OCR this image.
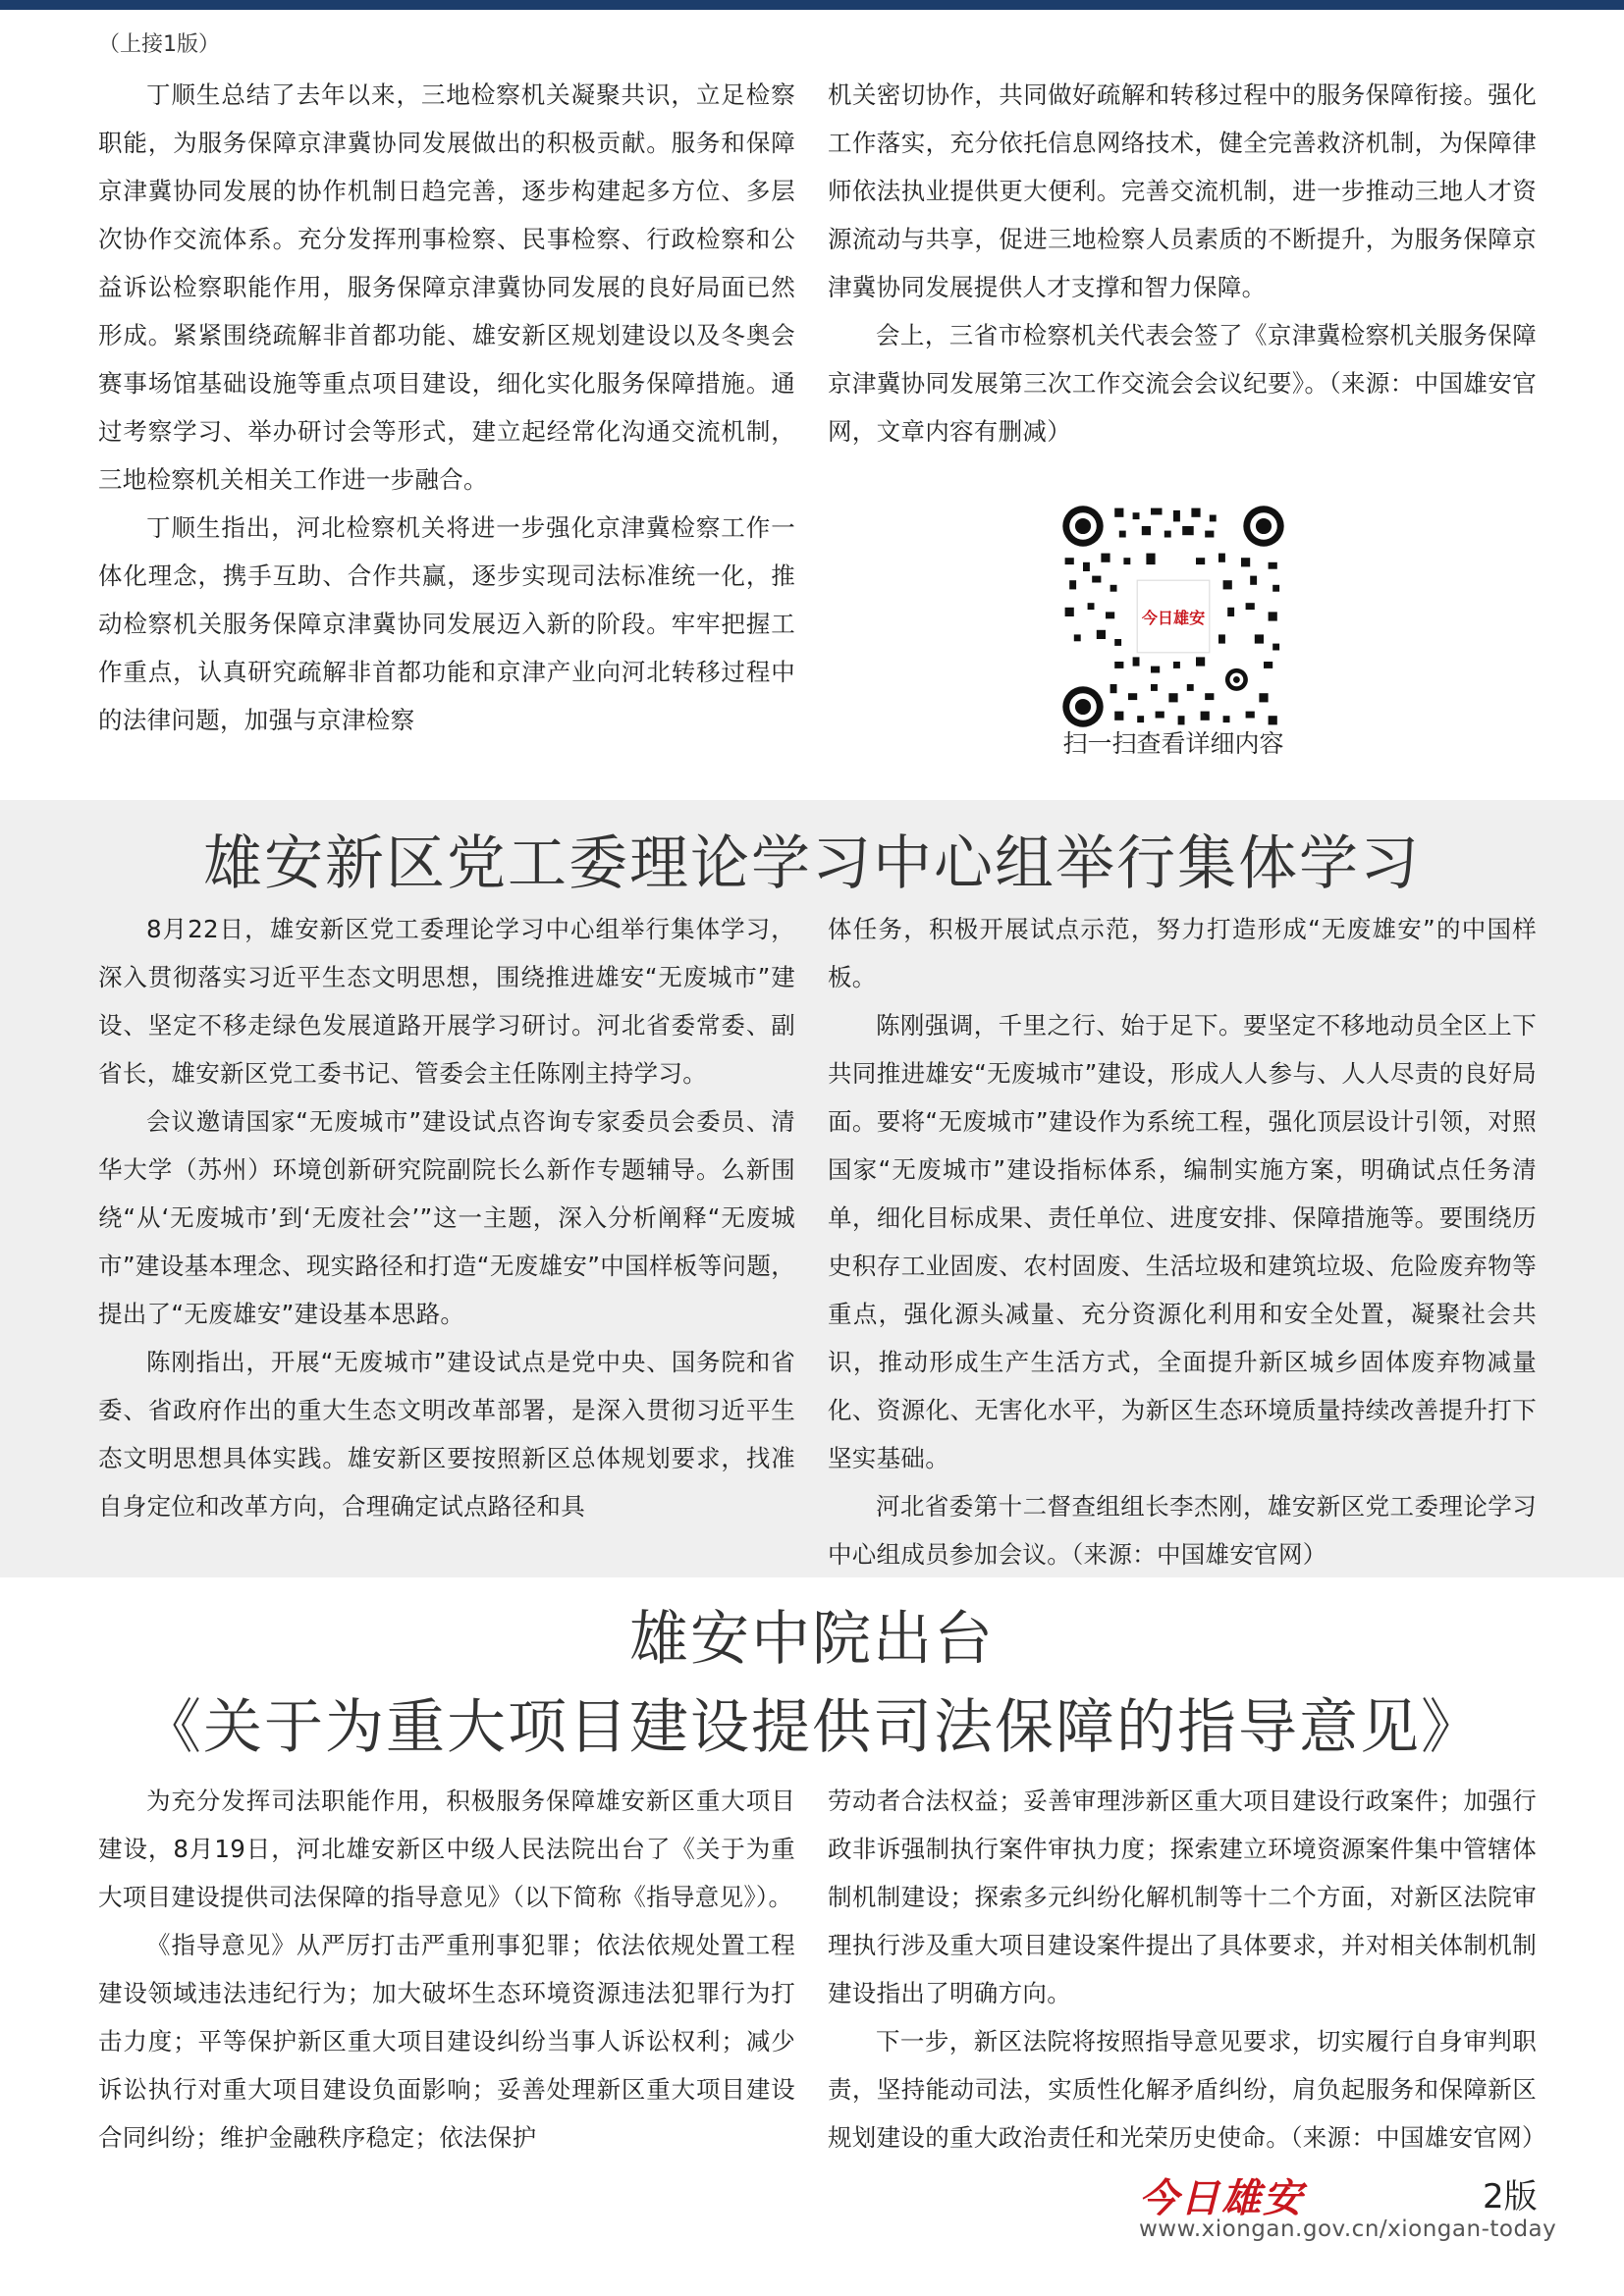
（上接1版）

丁顺生总结了去年以来，三地检察机关凝聚共识，立足检察职能，为服务保障京津冀协同发展做出的积极贡献。服务和保障京津冀协同发展的协作机制日趋完善，逐步构建起多方位、多层次协作交流体系。充分发挥刑事检察、民事检察、行政检察和公益诉讼检察职能作用，服务保障京津冀协同发展的良好局面已然形成。紧紧围绕疏解非首都功能、雄安新区规划建设以及冬奥会赛事场馆基础设施等重点项目建设，细化实化服务保障措施。通过考察学习、举办研讨会等形式，建立起经常化沟通交流机制，三地检察机关相关工作进一步融合。

丁顺生指出，河北检察机关将进一步强化京津冀检察工作一体化理念，携手互助、合作共赢，逐步实现司法标准统一化，推动检察机关服务保障京津冀协同发展迈入新的阶段。牢牢把握工作重点，认真研究疏解非首都功能和京津产业向河北转移过程中的法律问题，加强与京津检察

机关密切协作，共同做好疏解和转移过程中的服务保障衔接。强化工作落实，充分依托信息网络技术，健全完善救济机制，为保障律师依法执业提供更大便利。完善交流机制，进一步推动三地人才资源流动与共享，促进三地检察人员素质的不断提升，为服务保障京津冀协同发展提供人才支撑和智力保障。

会上，三省市检察机关代表会签了《京津冀检察机关服务保障京津冀协同发展第三次工作交流会会议纪要》。（来源：中国雄安官网，文章内容有删减）

今日雄安
扫一扫查看详细内容
雄安新区党工委理论学习中心组举行集体学习

8月22日，雄安新区党工委理论学习中心组举行集体学习，深入贯彻落实习近平生态文明思想，围绕推进雄安“无废城市”建设、坚定不移走绿色发展道路开展学习研讨。河北省委常委、副省长，雄安新区党工委书记、管委会主任陈刚主持学习。

会议邀请国家“无废城市”建设试点咨询专家委员会委员、清华大学（苏州）环境创新研究院副院长么新作专题辅导。么新围绕“从‘无废城市’到‘无废社会’”这一主题，深入分析阐释“无废城市”建设基本理念、现实路径和打造“无废雄安”中国样板等问题，提出了“无废雄安”建设基本思路。

陈刚指出，开展“无废城市”建设试点是党中央、国务院和省委、省政府作出的重大生态文明改革部署，是深入贯彻习近平生态文明思想具体实践。雄安新区要按照新区总体规划要求，找准自身定位和改革方向，合理确定试点路径和具

体任务，积极开展试点示范，努力打造形成“无废雄安”的中国样板。

陈刚强调，千里之行、始于足下。要坚定不移地动员全区上下共同推进雄安“无废城市”建设，形成人人参与、人人尽责的良好局面。要将“无废城市”建设作为系统工程，强化顶层设计引领，对照国家“无废城市”建设指标体系，编制实施方案，明确试点任务清单，细化目标成果、责任单位、进度安排、保障措施等。要围绕历史积存工业固废、农村固废、生活垃圾和建筑垃圾、危险废弃物等重点，强化源头减量、充分资源化利用和安全处置，凝聚社会共识，推动形成生产生活方式，全面提升新区城乡固体废弃物减量化、资源化、无害化水平，为新区生态环境质量持续改善提升打下坚实基础。

河北省委第十二督查组组长李杰刚，雄安新区党工委理论学习中心组成员参加会议。（来源：中国雄安官网）

雄安中院出台
《关于为重大项目建设提供司法保障的指导意见》

为充分发挥司法职能作用，积极服务保障雄安新区重大项目建设，8月19日，河北雄安新区中级人民法院出台了《关于为重大项目建设提供司法保障的指导意见》（以下简称《指导意见》）。

《指导意见》从严厉打击严重刑事犯罪；依法依规处置工程建设领域违法违纪行为；加大破坏生态环境资源违法犯罪行为打击力度；平等保护新区重大项目建设纠纷当事人诉讼权利；减少诉讼执行对重大项目建设负面影响；妥善处理新区重大项目建设合同纠纷；维护金融秩序稳定；依法保护

劳动者合法权益；妥善审理涉新区重大项目建设行政案件；加强行政非诉强制执行案件审执力度；探索建立环境资源案件集中管辖体制机制建设；探索多元纠纷化解机制等十二个方面，对新区法院审理执行涉及重大项目建设案件提出了具体要求，并对相关体制机制建设指出了明确方向。

下一步，新区法院将按照指导意见要求，切实履行自身审判职责，坚持能动司法，实质性化解矛盾纠纷，肩负起服务和保障新区规划建设的重大政治责任和光荣历史使命。（来源：中国雄安官网）

今日雄安	2版
www.xiongan.gov.cn/xiongan-today
